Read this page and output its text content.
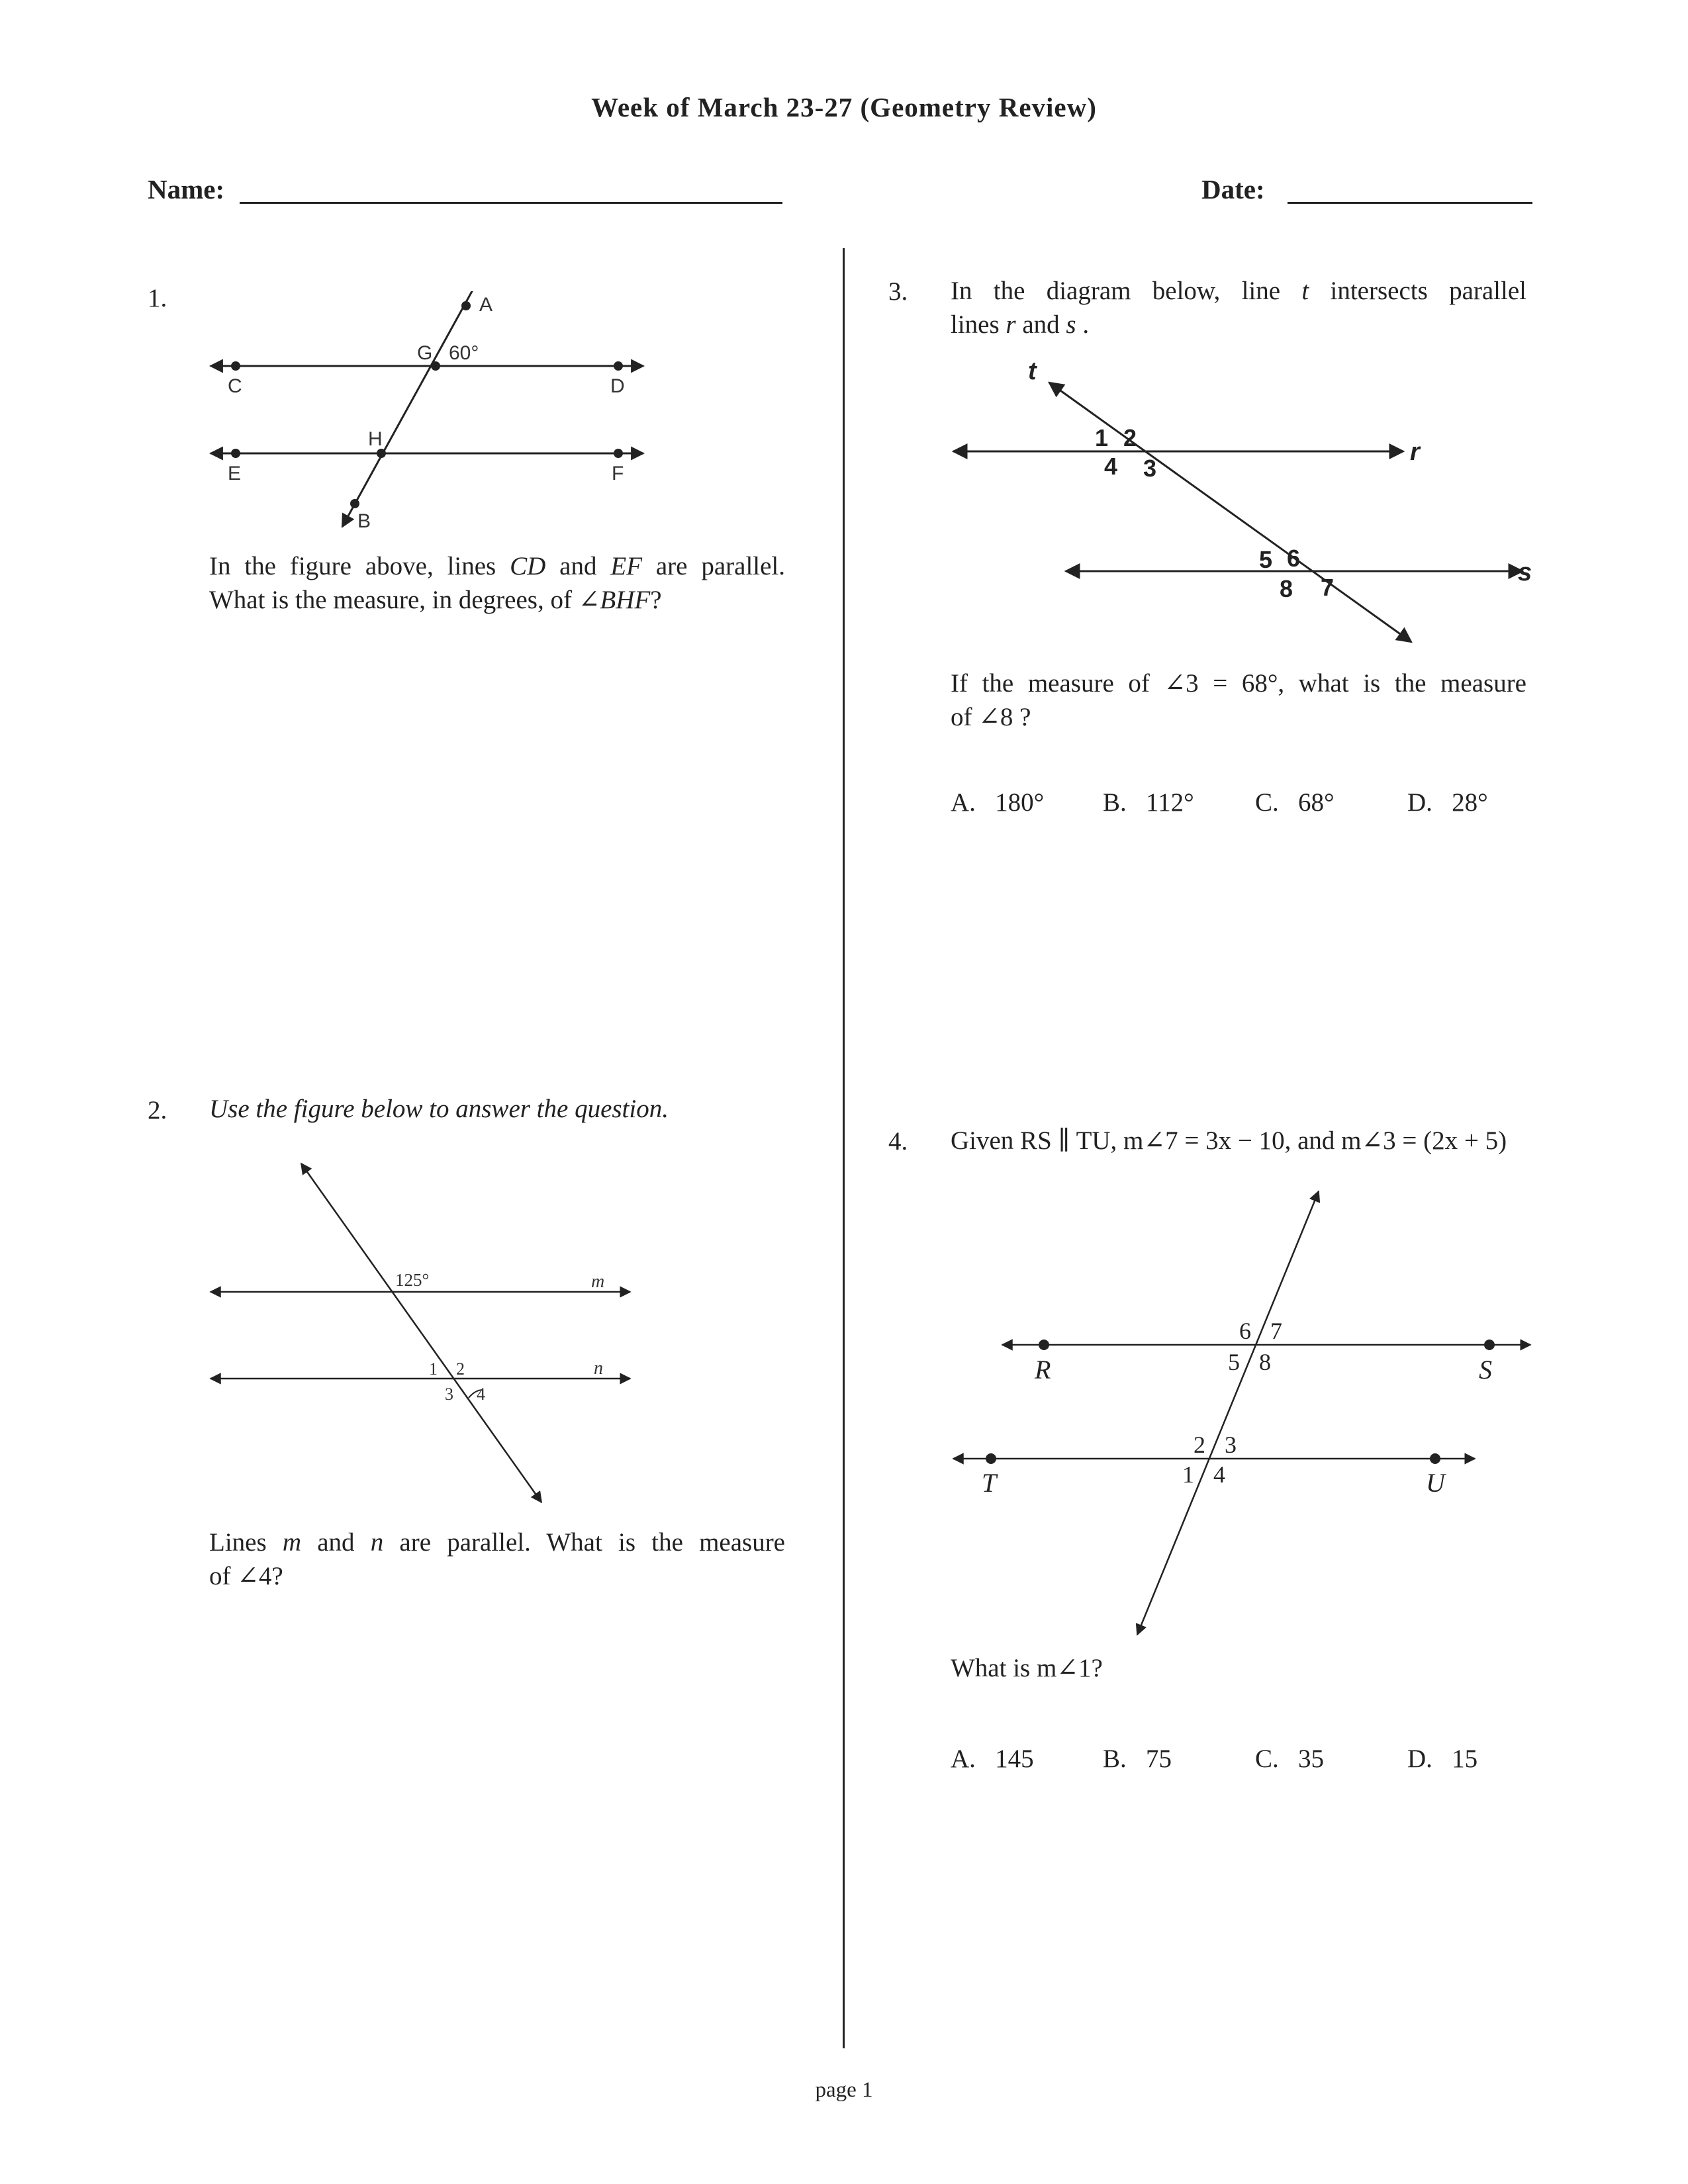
Week of March 23-27 (Geometry Review)
Name:	Date:
1.	A
B
C	D
E	F
G
H
60°
In the figure above, lines CD and EF are parallel.
What is the measure, in degrees, of ∠BHF?
2. Use the figure below to answer the question.
125°	m
n
1 2
3 4
Lines m and n are parallel. What is the measure
of ∠4?
3. In the diagram below, line t intersects parallel
lines r and s .
t
r
s
1 2
3
4
5 6
7
8
If the measure of ∠3 = 68°, what is the measure
of ∠8 ?
A. 180° B. 112° C. 68°	D. 28°
4. Given RS ∥ TU, m∠7 = 3x − 10, and m∠3 = (2x + 5)
R	S
T	U
6 7
5 8
2 3
1 4
What is m∠1?
A. 145	B. 75	C. 35	D. 15
page 1
